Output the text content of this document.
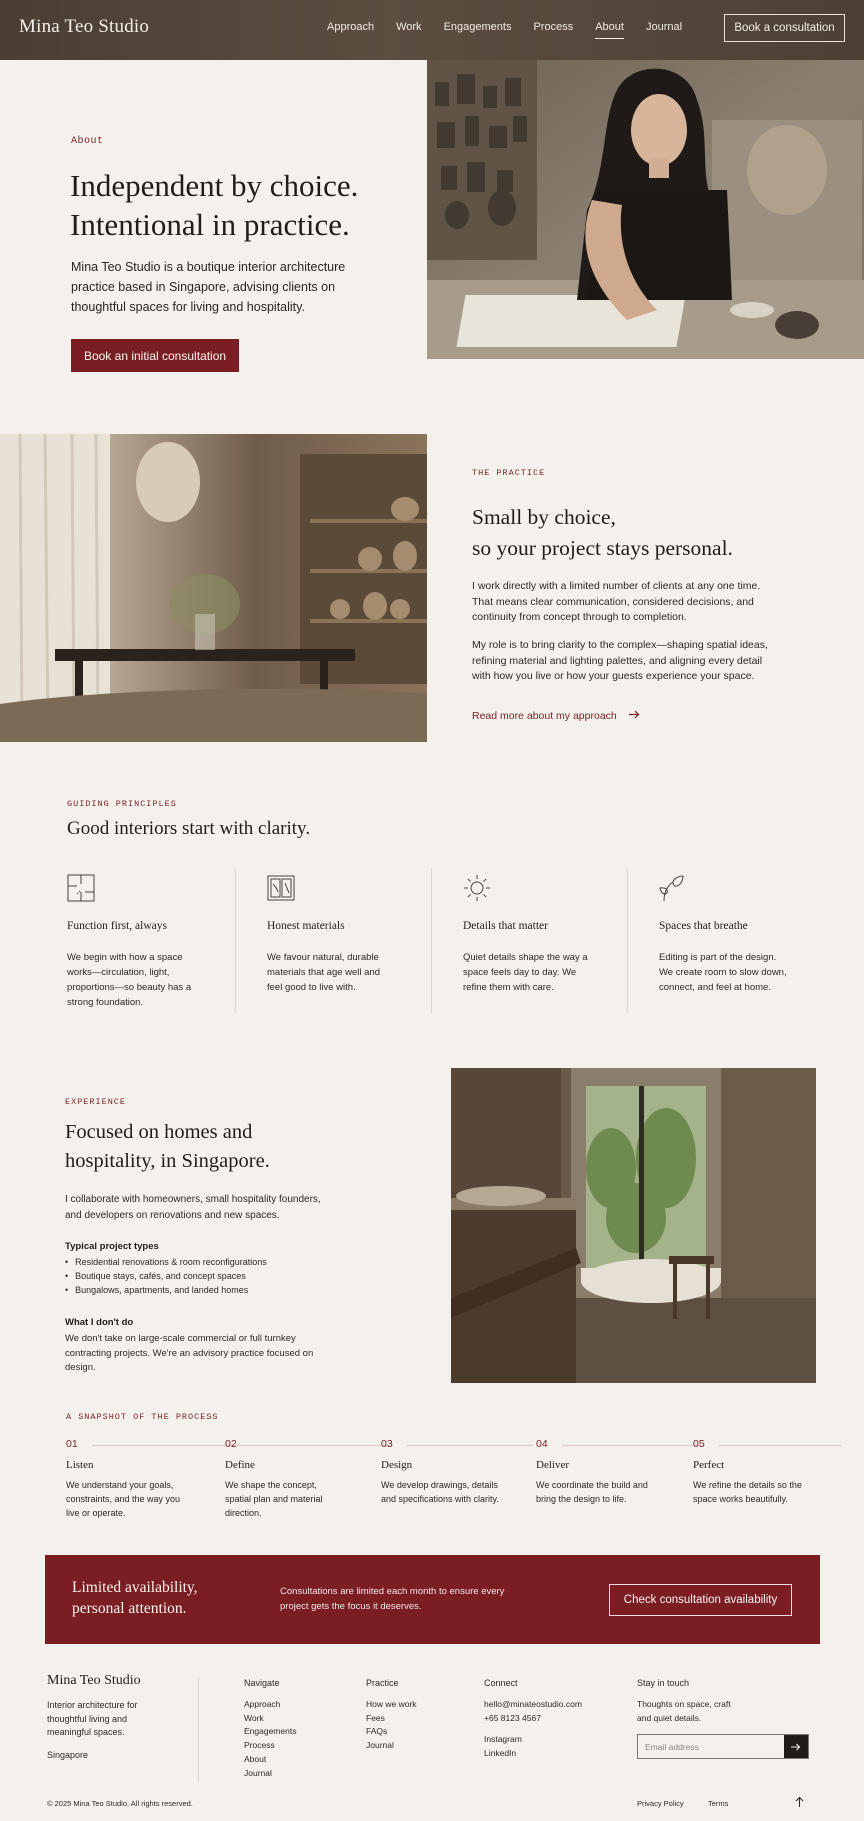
Mina Teo Studio	Approach Work Engagements Process About Journal	Book a consultation
About
Independent by choice.
Intentional in practice.

Mina Teo Studio is a boutique interior architecture practice based in Singapore, advising clients on thoughtful spaces for living and hospitality.

Book an initial consultation
THE PRACTICE
Small by choice,
so your project stays personal.

I work directly with a limited number of clients at any one time. That means clear communication, considered decisions, and continuity from concept through to completion.

My role is to bring clarity to the complex—shaping spatial ideas, refining material and lighting palettes, and aligning every detail with how you live or how your guests experience your space.

Read more about my approach
GUIDING PRINCIPLES
Good interiors start with clarity.
Function first, always
We begin with how a space works—circulation, light, proportions—so beauty has a strong foundation.
Honest materials
We favour natural, durable materials that age well and feel good to live with.
Details that matter
Quiet details shape the way a space feels day to day. We refine them with care.
Spaces that breathe
Editing is part of the design. We create room to slow down, connect, and feel at home.
EXPERIENCE
Focused on homes and
hospitality, in Singapore.

I collaborate with homeowners, small hospitality founders, and developers on renovations and new spaces.

Typical project types
• Residential renovations & room reconfigurations
• Boutique stays, cafés, and concept spaces
• Bungalows, apartments, and landed homes
What I don't do

We don't take on large-scale commercial or full turnkey contracting projects. We're an advisory practice focused on design.

A SNAPSHOT OF THE PROCESS
01
Listen
We understand your goals, constraints, and the way you live or operate.
02
Define
We shape the concept, spatial plan and material direction.
03
Design
We develop drawings, details and specifications with clarity.
04
Deliver
We coordinate the build and bring the design to life.
05
Perfect
We refine the details so the space works beautifully.
Limited availability, personal attention.
Consultations are limited each month to ensure every project gets the focus it deserves.
Check consultation availability
Mina Teo Studio
Interior architecture for thoughtful living and meaningful spaces.
Singapore
Navigate
Approach
Work
Engagements
Process
About
Journal
Practice
How we work
Fees
FAQs
Journal
Connect
hello@minateostudio.com
+65 8123 4567
Instagram
LinkedIn
Stay in touch
Thoughts on space, craft and quiet details.
Email address
© 2025 Mina Teo Studio. All rights reserved.	Privacy Policy	Terms
